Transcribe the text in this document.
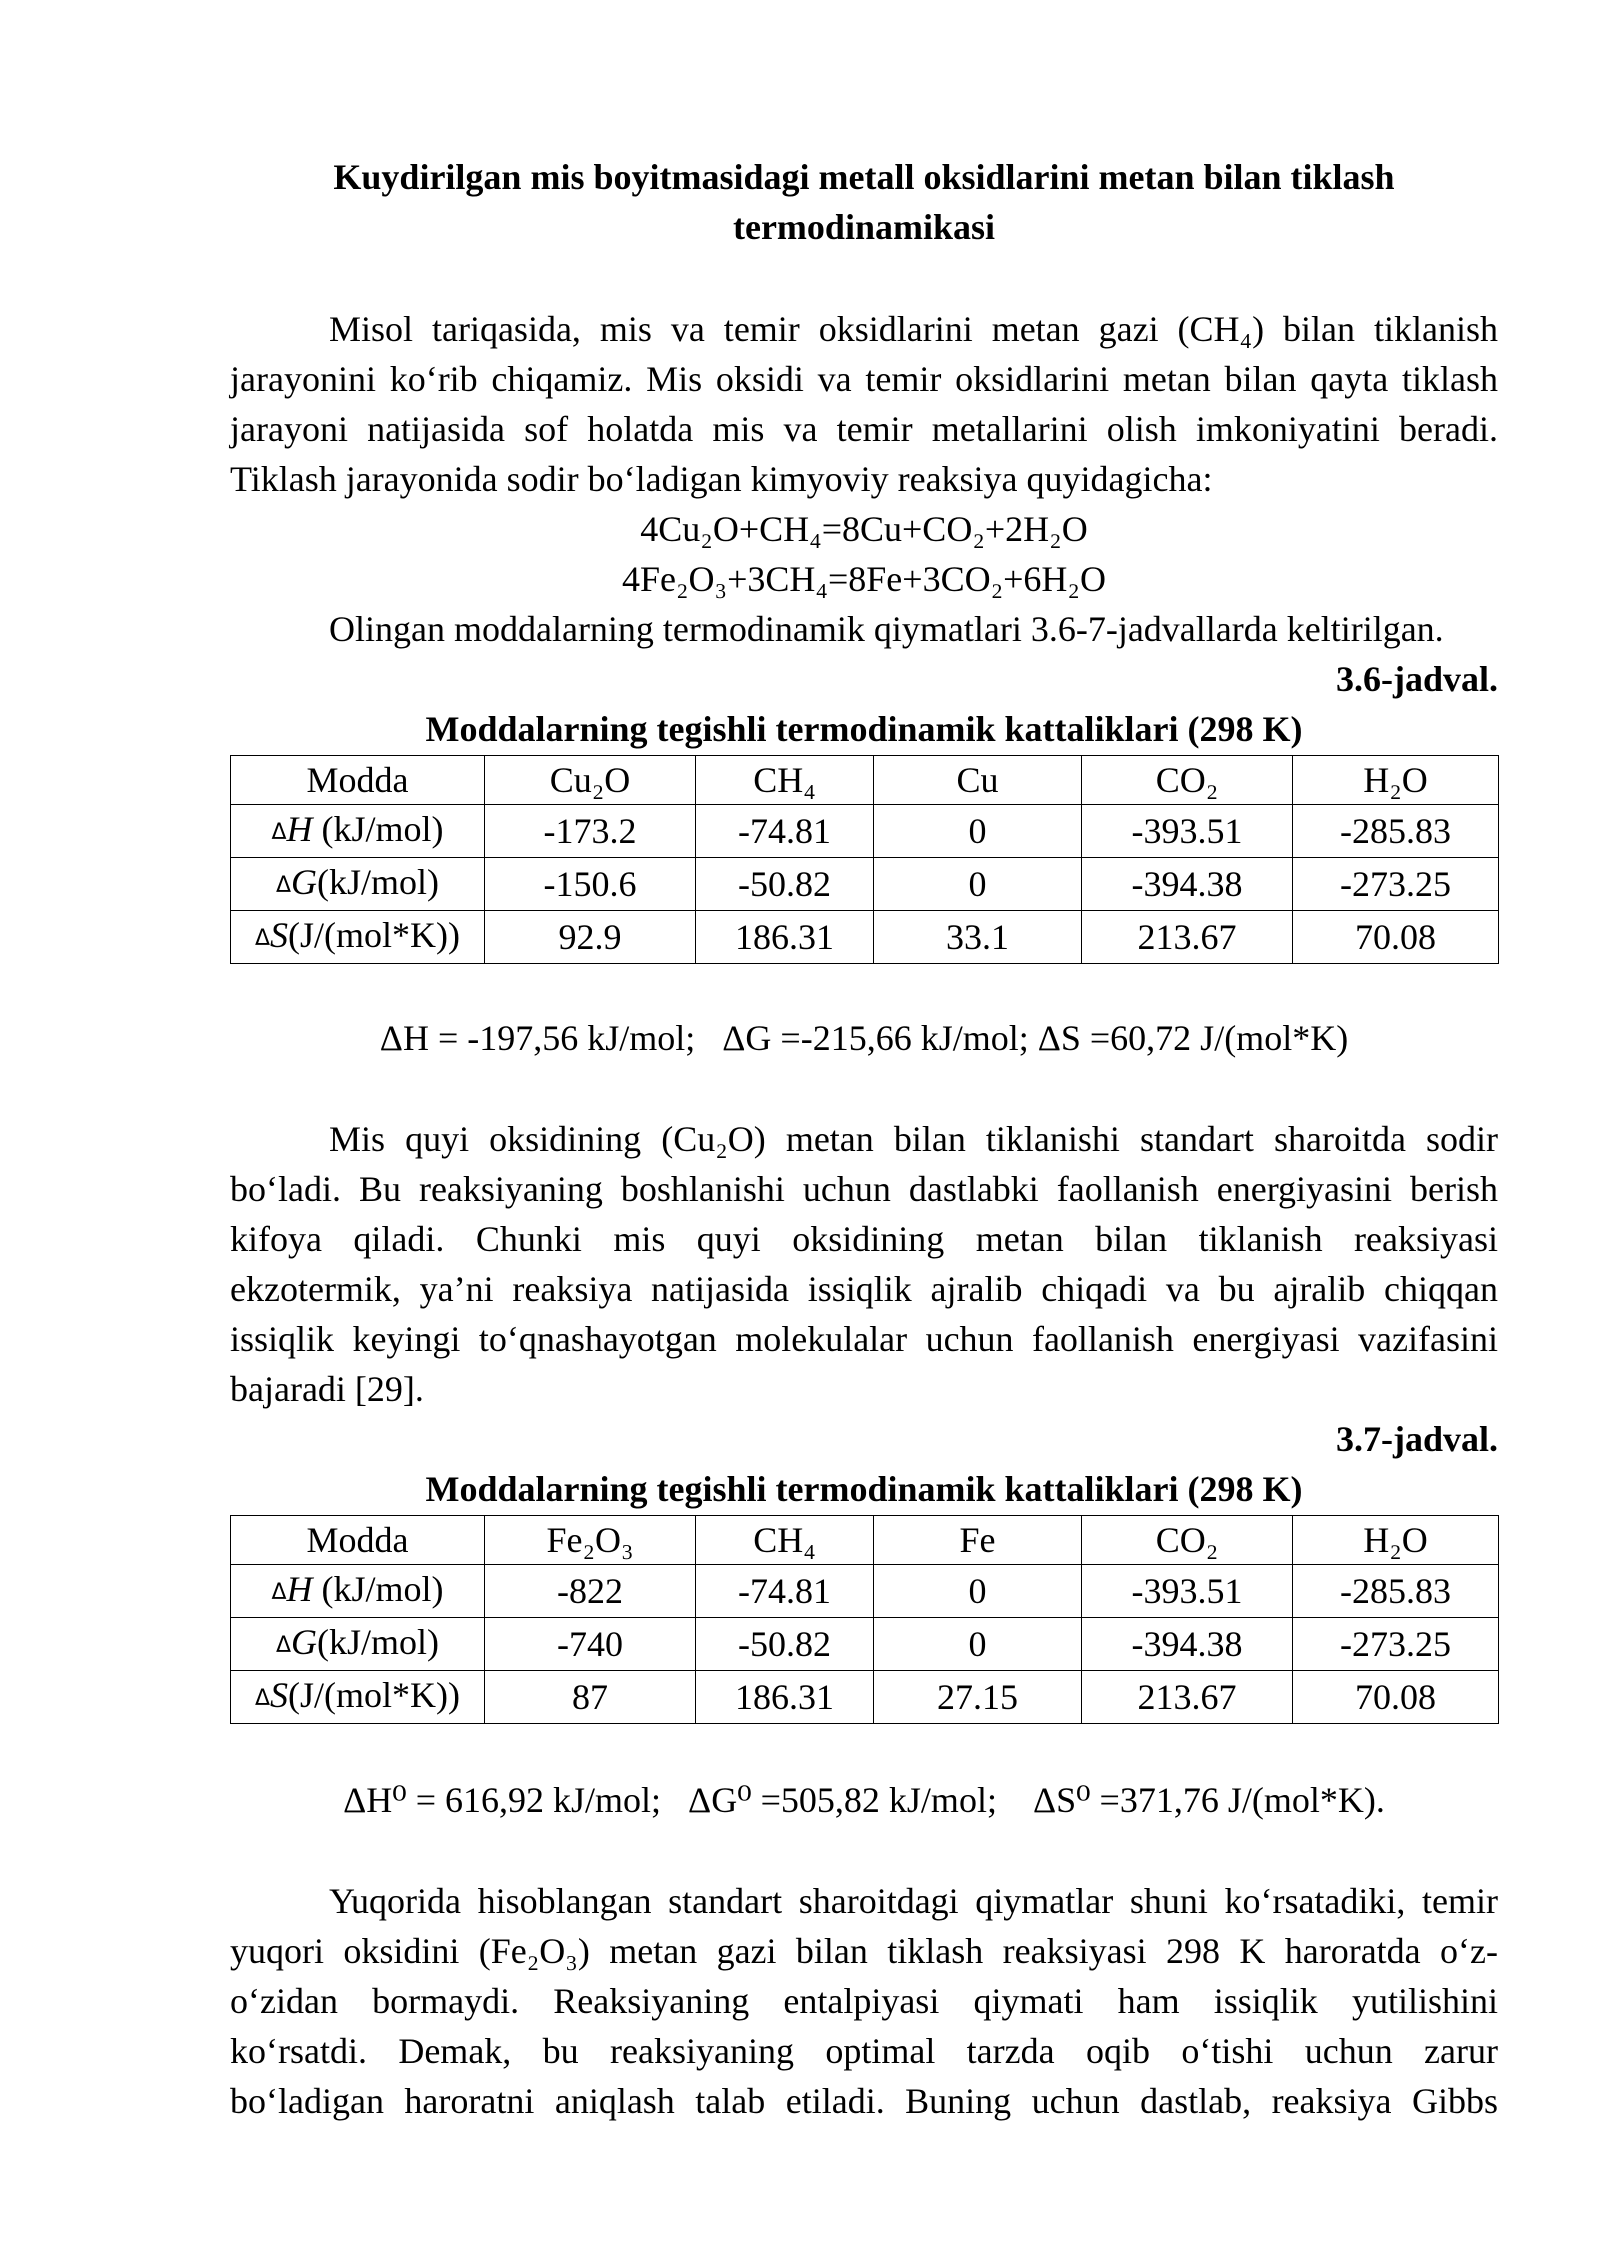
Kuydirilgan mis boyitmasidagi metall oksidlarini metan bilan tiklash
termodinamikasi
Misol tariqasida, mis va temir oksidlarini metan gazi (CH₄) bilan tiklanish
jarayonini ko‘rib chiqamiz. Mis oksidi va temir oksidlarini metan bilan qayta tiklash
jarayoni natijasida sof holatda mis va temir metallarini olish imkoniyatini beradi.
Tiklash jarayonida sodir bo‘ladigan kimyoviy reaksiya quyidagicha:
4Cu₂O+CH₄=8Cu+CO₂+2H₂O
4Fe₂O₃+3CH₄=8Fe+3CO₂+6H₂O
Olingan moddalarning termodinamik qiymatlari 3.6-7-jadvallarda keltirilgan.
3.6-jadval.
Moddalarning tegishli termodinamik kattaliklari (298 K)
Modda	Cu₂O	CH₄	Cu	CO₂	H₂O
ΔH (kJ/mol)	-173.2	-74.81	0	-393.51	-285.83
ΔG(kJ/mol)	-150.6	-50.82	0	-394.38	-273.25
ΔS(J/(mol*K))	92.9	186.31	33.1	213.67	70.08
ΔH = -197,56 kJ/mol;   ΔG =-215,66 kJ/mol; ΔS =60,72 J/(mol*K)
Mis quyi oksidining (Cu₂O) metan bilan tiklanishi standart sharoitda sodir
bo‘ladi. Bu reaksiyaning boshlanishi uchun dastlabki faollanish energiyasini berish
kifoya qiladi. Chunki mis quyi oksidining metan bilan tiklanish reaksiyasi
ekzotermik, ya’ni reaksiya natijasida issiqlik ajralib chiqadi va bu ajralib chiqqan
issiqlik keyingi to‘qnashayotgan molekulalar uchun faollanish energiyasi vazifasini
bajaradi [29].
3.7-jadval.
Moddalarning tegishli termodinamik kattaliklari (298 K)
Modda	Fe₂O₃	CH₄	Fe	CO₂	H₂O
ΔH (kJ/mol)	-822	-74.81	0	-393.51	-285.83
ΔG(kJ/mol)	-740	-50.82	0	-394.38	-273.25
ΔS(J/(mol*K))	87	186.31	27.15	213.67	70.08
ΔH⁰ = 616,92 kJ/mol;   ΔG⁰ =505,82 kJ/mol;    ΔS⁰ =371,76 J/(mol*K).
Yuqorida hisoblangan standart sharoitdagi qiymatlar shuni ko‘rsatadiki, temir
yuqori oksidini (Fe₂O₃) metan gazi bilan tiklash reaksiyasi 298 K haroratda o‘z-
o‘zidan bormaydi. Reaksiyaning entalpiyasi qiymati ham issiqlik yutilishini
ko‘rsatdi. Demak, bu reaksiyaning optimal tarzda oqib o‘tishi uchun zarur
bo‘ladigan haroratni aniqlash talab etiladi. Buning uchun dastlab, reaksiya Gibbs
